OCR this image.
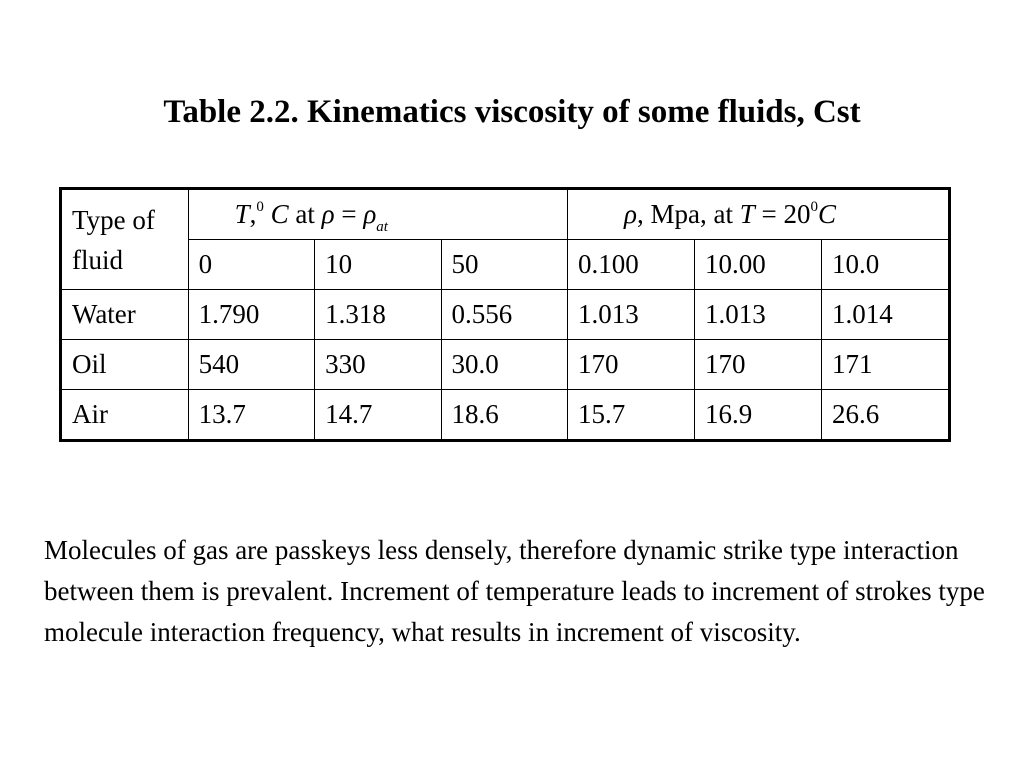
Table 2.2. Kinematics viscosity of some fluids, Cst
Type of fluid	T,$^0$ C at $\rho = \rho_{at}$			ρ, Mpa, at $T = 20^0C$		
	0	10	50	0.100	10.00	10.0
Water	1.790	1.318	0.556	1.013	1.013	1.014
Oil	540	330	30.0	170	170	171
Air	13.7	14.7	18.6	15.7	16.9	26.6
Molecules of gas are passkeys less densely, therefore dynamic strike type interaction between them is prevalent. Increment of temperature leads to increment of strokes type molecule interaction frequency, what results in increment of viscosity.
